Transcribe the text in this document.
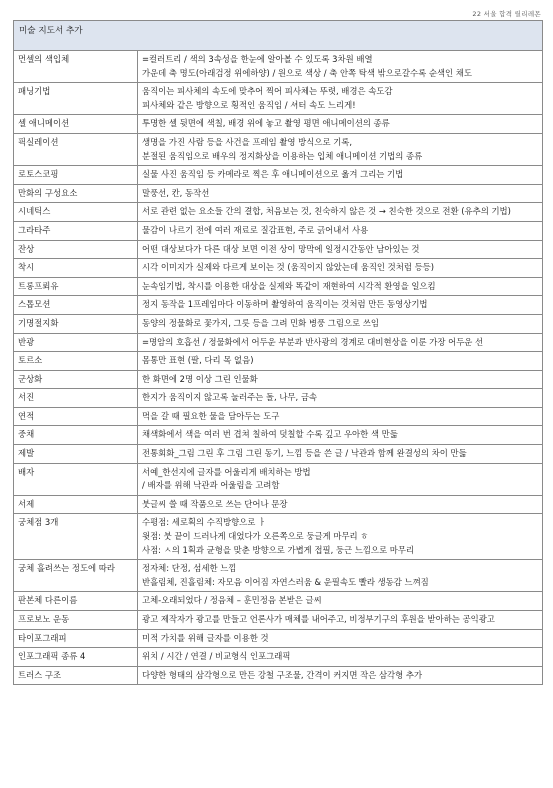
22 서울 합격 릴리레몬
미술 지도서 추가	
먼셀의 색입체	=컬러트리 / 색의 3속성을 한눈에 알아볼 수 있도록 3차원 배열
가운데 축 명도(아래검정 위에하양) / 원으로 색상 / 축 안쪽 탁색 밖으로갈수록 순색인 채도

패닝기법	움직이는 피사체의 속도에 맞추어 찍어 피사체는 뚜렷, 배경은 속도감
피사체와 같은 방향으로 횡적인 움직임 / 셔터 속도 느리게!

셀 애니메이션	투명한 셀 뒷면에 색칠, 배경 위에 놓고 촬영 평면 애니메이션의 종류

픽실레이션	생명을 가진 사람 등을 사건을 프레임 촬영 방식으로 기록,
분절된 움직임으로 배우의 정지화상을 이용하는 입체 애니메이션 기법의 종류

로토스코핑	실물 사진 움직임 등 카메라로 찍은 후 애니메이션으로 옮겨 그리는 기법

만화의 구성요소	말풍선, 칸, 동작선

시네틱스	서로 관련 없는 요소들 간의 결합, 처음보는 것, 친숙하지 않은 것 → 친숙한 것으로 전환 (유추의 기법)

그라타주	물감이 나르기 전에 여러 재료로 질감표현, 주로 긁어내서 사용

잔상	어떤 대상보다가 다른 대상 보면 이전 상이 망막에 일정시간동안 남아있는 것

착시	시각 이미지가 실제와 다르게 보이는 것 (움직이지 않았는데 움직인 것처럼 등등)

트롱프뢰유	눈속임기법, 착시를 이용한 대상을 실제와 똑같이 재현하여 시각적 환영을 일으킴

스톱모션	정지 동작을 1프레임마다 이동하며 촬영하여 움직이는 것처럼 만든 동영상기법

기명절지화	동양의 정물화로 꽃가지, 그릇 등을 그려 민화 병풍 그림으로 쓰임

반광	=명암의 호흡선 / 정물화에서 어두운 부분과 반사광의 경계로 대비현상을 이룬 가장 어두운 선

토르소	몸통만 표현 (팔, 다리 목 없음)

군상화	한 화면에 2명 이상 그린 인물화

서진	한지가 움직이지 않고록 눌러주는 돌, 나무, 금속

연적	먹을 갈 때 필요한 물을 담아두는 도구

중채	채색화에서 색을 여러 번 겹쳐 칠하여 덧칠할 수록 깊고 우아한 색 만듦

제발	전통회화_그림 그린 후 그림 그린 동기, 느낌 등을 쓴 글 / 낙관과 함께 완결성의 차이 만듦

배자	서예_한선지에 글자를 어울리게 배치하는 방법
/ 배자를 위해 낙관과 어울림을 고려함

서제	붓글씨 쓸 때 작품으로 쓰는 단어나 문장

궁체점 3개	수평점: 세로획의 수직방향으로 ㅏ
윗점: 붓 끝이 드러나게 대었다가 오른쪽으로 둥글게 마무리 ㅎ
사점: ㅅ의 1획과 균형을 맞춘 방향으로 가볍게 접필, 둥근 느낌으로 마무리

궁체 흘려쓰는 정도에 따라	정자체: 단정, 섬세한 느낌
반흘림체, 진흘림체: 자모음 이어짐 자연스러움 & 운필속도 빨라 생동감 느껴짐

판본체 다른이름	고체-오래되었다 / 정음체 – 훈민정음 본받은 글씨

프로보노 운동	광고 제작자가 광고를 만들고 언론사가 매체를 내어주고, 비정부기구의 후원을 받아하는 공익광고

타이포그래피	미적 가치를 위해 글자를 이용한 것

인포그래픽 종류 4	위치 / 시간 / 연결 / 비교형식 인포그래픽

트러스 구조	다양한 형태의 삼각형으로 만든 강철 구조물, 간격이 커지면 작은 삼각형 추가
